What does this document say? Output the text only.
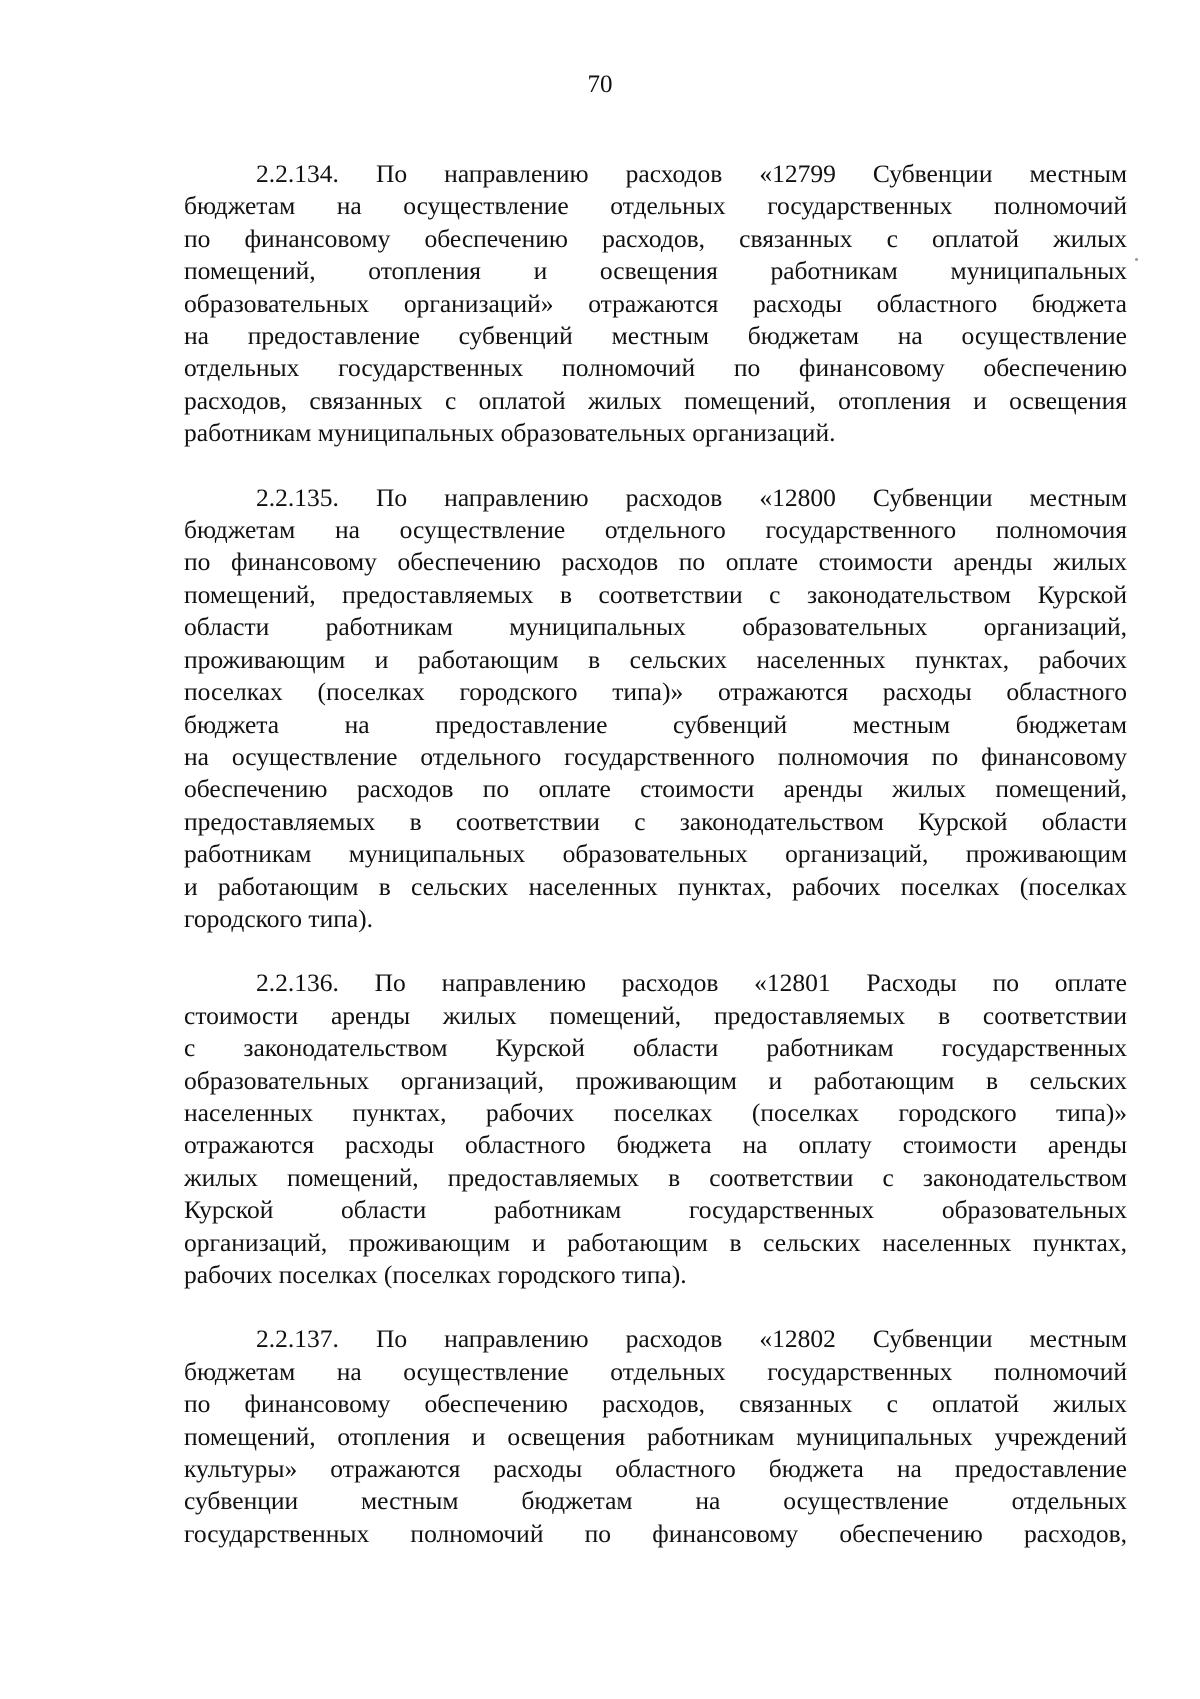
70

2.2.134. По направлению расходов «12799 Субвенции местным
бюджетам на осуществление отдельных государственных полномочий
по финансовому обеспечению расходов, связанных с оплатой жилых
помещений, отопления и освещения работникам муниципальных
образовательных организаций» отражаются расходы областного бюджета
на предоставление субвенций местным бюджетам на осуществление
отдельных государственных полномочий по финансовому обеспечению
расходов, связанных с оплатой жилых помещений, отопления и освещения
работникам муниципальных образовательных организаций.

2.2.135. По направлению расходов «12800 Субвенции местным
бюджетам на осуществление отдельного государственного полномочия
по финансовому обеспечению расходов по оплате стоимости аренды жилых
помещений, предоставляемых в соответствии с законодательством Курской
области работникам муниципальных образовательных организаций,
проживающим и работающим в сельских населенных пунктах, рабочих
поселках (поселках городского типа)» отражаются расходы областного
бюджета на предоставление субвенций местным бюджетам
на осуществление отдельного государственного полномочия по финансовому
обеспечению расходов по оплате стоимости аренды жилых помещений,
предоставляемых в соответствии с законодательством Курской области
работникам муниципальных образовательных организаций, проживающим
и работающим в сельских населенных пунктах, рабочих поселках (поселках
городского типа).

2.2.136. По направлению расходов «12801 Расходы по оплате
стоимости аренды жилых помещений, предоставляемых в соответствии
с законодательством Курской области работникам государственных
образовательных организаций, проживающим и работающим в сельских
населенных пунктах, рабочих поселках (поселках городского типа)»
отражаются расходы областного бюджета на оплату стоимости аренды
жилых помещений, предоставляемых в соответствии с законодательством
Курской области работникам государственных образовательных
организаций, проживающим и работающим в сельских населенных пунктах,
рабочих поселках (поселках городского типа).

2.2.137. По направлению расходов «12802 Субвенции местным
бюджетам на осуществление отдельных государственных полномочий
по финансовому обеспечению расходов, связанных с оплатой жилых
помещений, отопления и освещения работникам муниципальных учреждений
культуры» отражаются расходы областного бюджета на предоставление
субвенции местным бюджетам на осуществление отдельных
государственных полномочий по финансовому обеспечению расходов,
